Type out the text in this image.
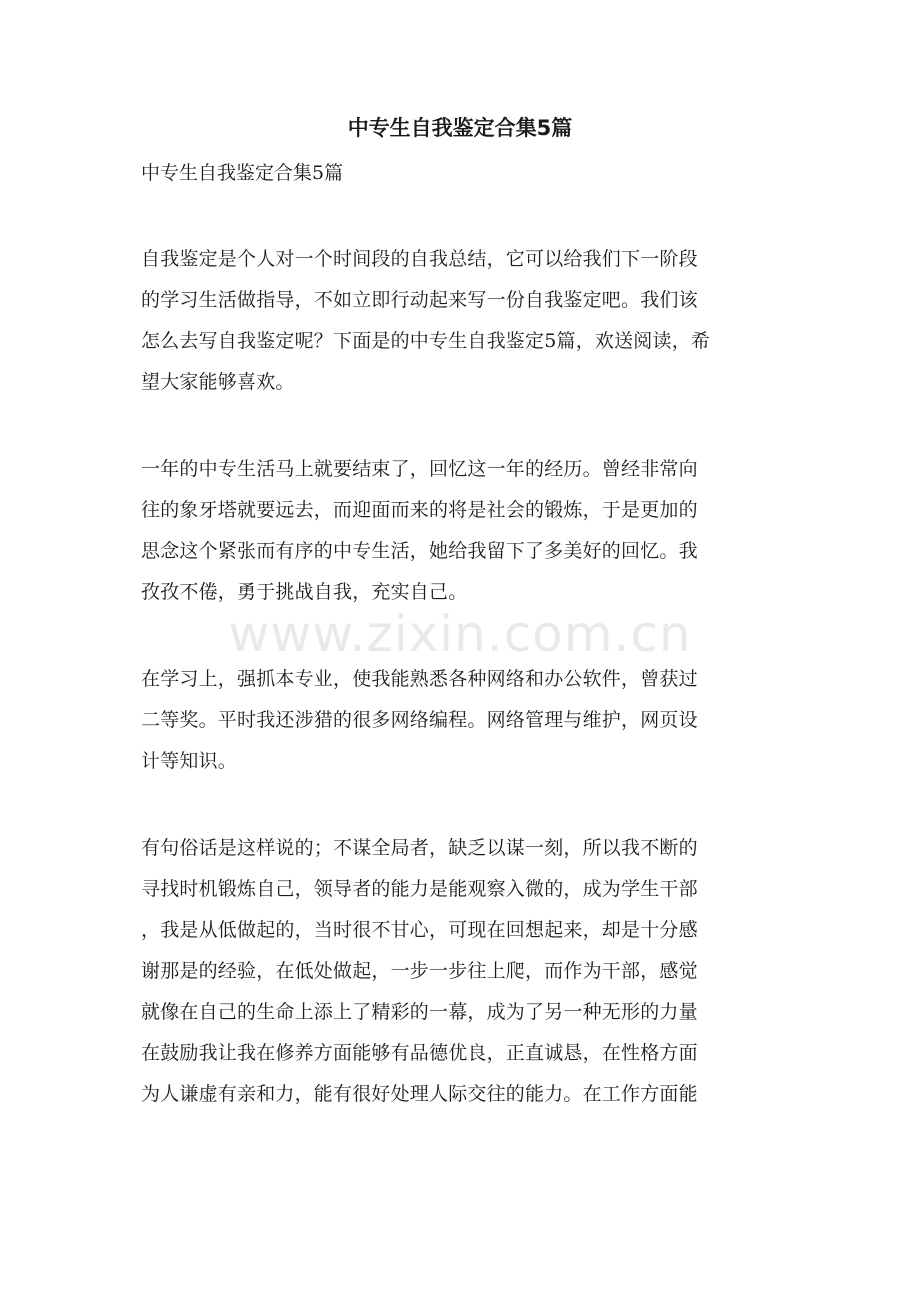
中专生自我鉴定合集5篇
中专生自我鉴定合集5篇
自我鉴定是个人对一个时间段的自我总结，它可以给我们下一阶段
的学习生活做指导，不如立即行动起来写一份自我鉴定吧。我们该
怎么去写自我鉴定呢？下面是的中专生自我鉴定5篇，欢送阅读，希
望大家能够喜欢。
一年的中专生活马上就要结束了，回忆这一年的经历。曾经非常向
往的象牙塔就要远去，而迎面而来的将是社会的锻炼，于是更加的
思念这个紧张而有序的中专生活，她给我留下了多美好的回忆。我
孜孜不倦，勇于挑战自我，充实自己。
在学习上，强抓本专业，使我能熟悉各种网络和办公软件，曾获过
二等奖。平时我还涉猎的很多网络编程。网络管理与维护，网页设
计等知识。
有句俗话是这样说的；不谋全局者，缺乏以谋一刻，所以我不断的
寻找时机锻炼自己，领导者的能力是能观察入微的，成为学生干部
，我是从低做起的，当时很不甘心，可现在回想起来，却是十分感
谢那是的经验，在低处做起，一步一步往上爬，而作为干部，感觉
就像在自己的生命上添上了精彩的一幕，成为了另一种无形的力量
在鼓励我让我在修养方面能够有品德优良，正直诚恳，在性格方面
为人谦虚有亲和力，能有很好处理人际交往的能力。在工作方面能
www.zixin.com.cn
